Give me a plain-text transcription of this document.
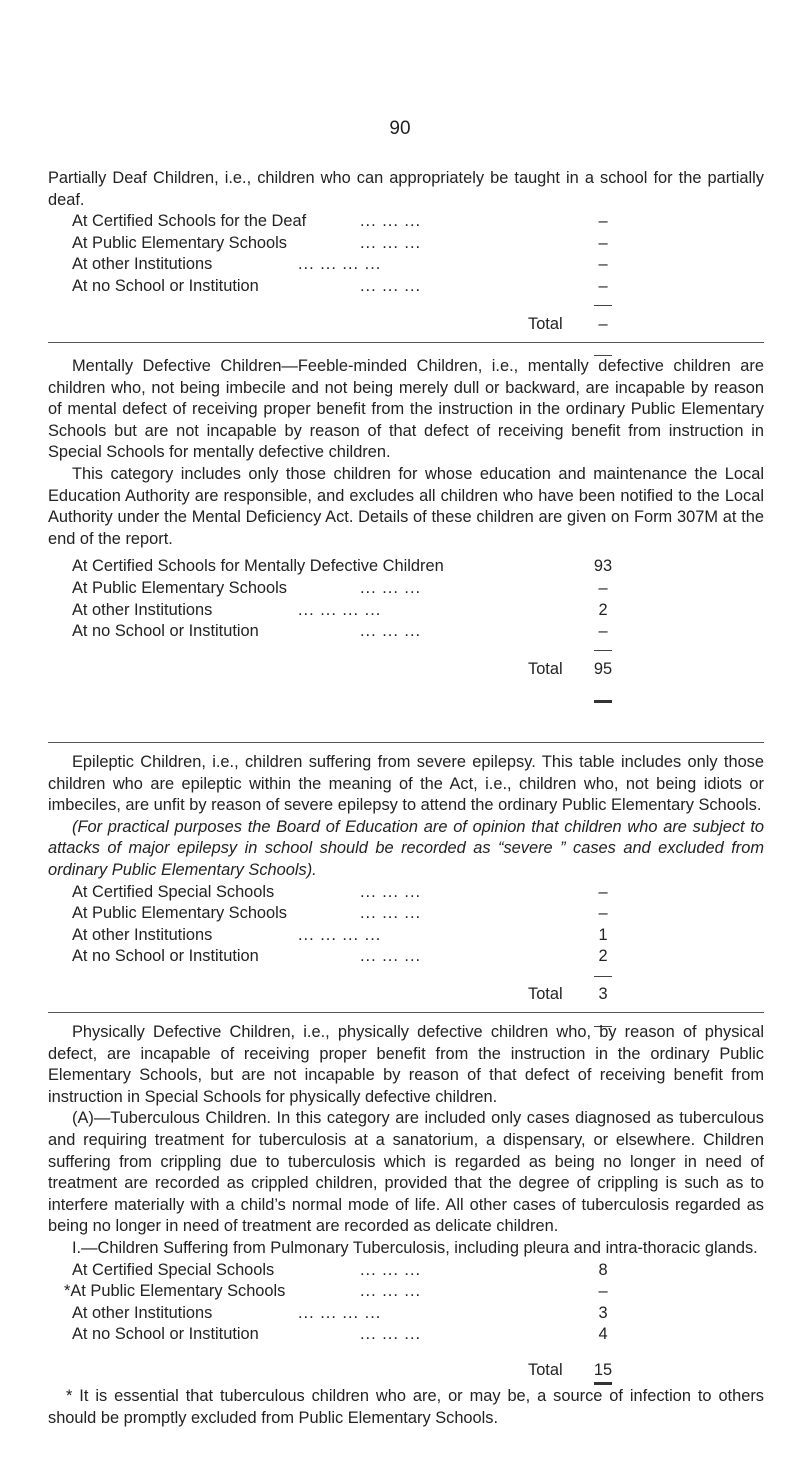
90

Partially Deaf Children, i.e., children who can appropriately be taught in a school for the partially deaf.

At Certified Schools for the Deaf	... ... ...	–
At Public Elementary Schools	... ... ...	–
At other Institutions	... ... ... ...	–
At no School or Institution	... ... ...	–
Total	–

Mentally Defective Children—Feeble-minded Children, i.e., mentally defective children are children who, not being imbecile and not being merely dull or backward, are incapable by reason of mental defect of receiving proper benefit from the instruction in the ordinary Public Elementary Schools but are not incapable by reason of that defect of receiving benefit from instruction in Special Schools for mentally defective children.

This category includes only those children for whose education and maintenance the Local Education Authority are responsible, and excludes all children who have been notified to the Local Authority under the Mental Deficiency Act. Details of these children are given on Form 307M at the end of the report.

At Certified Schools for Mentally Defective Children	93
At Public Elementary Schools	... ... ...	–
At other Institutions	... ... ... ...	2
At no School or Institution	... ... ...	–
Total	95

Epileptic Children, i.e., children suffering from severe epilepsy. This table includes only those children who are epileptic within the meaning of the Act, i.e., children who, not being idiots or imbeciles, are unfit by reason of severe epilepsy to attend the ordinary Public Elementary Schools.

(For practical purposes the Board of Education are of opinion that children who are subject to attacks of major epilepsy in school should be recorded as “severe ” cases and excluded from ordinary Public Elementary Schools).

At Certified Special Schools	... ... ...	–
At Public Elementary Schools	... ... ...	–
At other Institutions	... ... ... ...	1
At no School or Institution	... ... ...	2
Total	3

Physically Defective Children, i.e., physically defective children who, by reason of physical defect, are incapable of receiving proper benefit from the instruction in the ordinary Public Elementary Schools, but are not incapable by reason of that defect of receiving benefit from instruction in Special Schools for physically defective children.

(A)—Tuberculous Children. In this category are included only cases diagnosed as tuberculous and requiring treatment for tuberculosis at a sanatorium, a dispensary, or elsewhere. Children suffering from crippling due to tuberculosis which is regarded as being no longer in need of treatment are recorded as crippled children, provided that the degree of crippling is such as to interfere materially with a child’s normal mode of life. All other cases of tuberculosis regarded as being no longer in need of treatment are recorded as delicate children.

I.—Children Suffering from Pulmonary Tuberculosis, including pleura and intra-thoracic glands.

At Certified Special Schools	... ... ...	8
*At Public Elementary Schools	... ... ...	–
At other Institutions	... ... ... ...	3
At no School or Institution	... ... ...	4
Total	15

* It is essential that tuberculous children who are, or may be, a source of infection to others should be promptly excluded from Public Elementary Schools.
